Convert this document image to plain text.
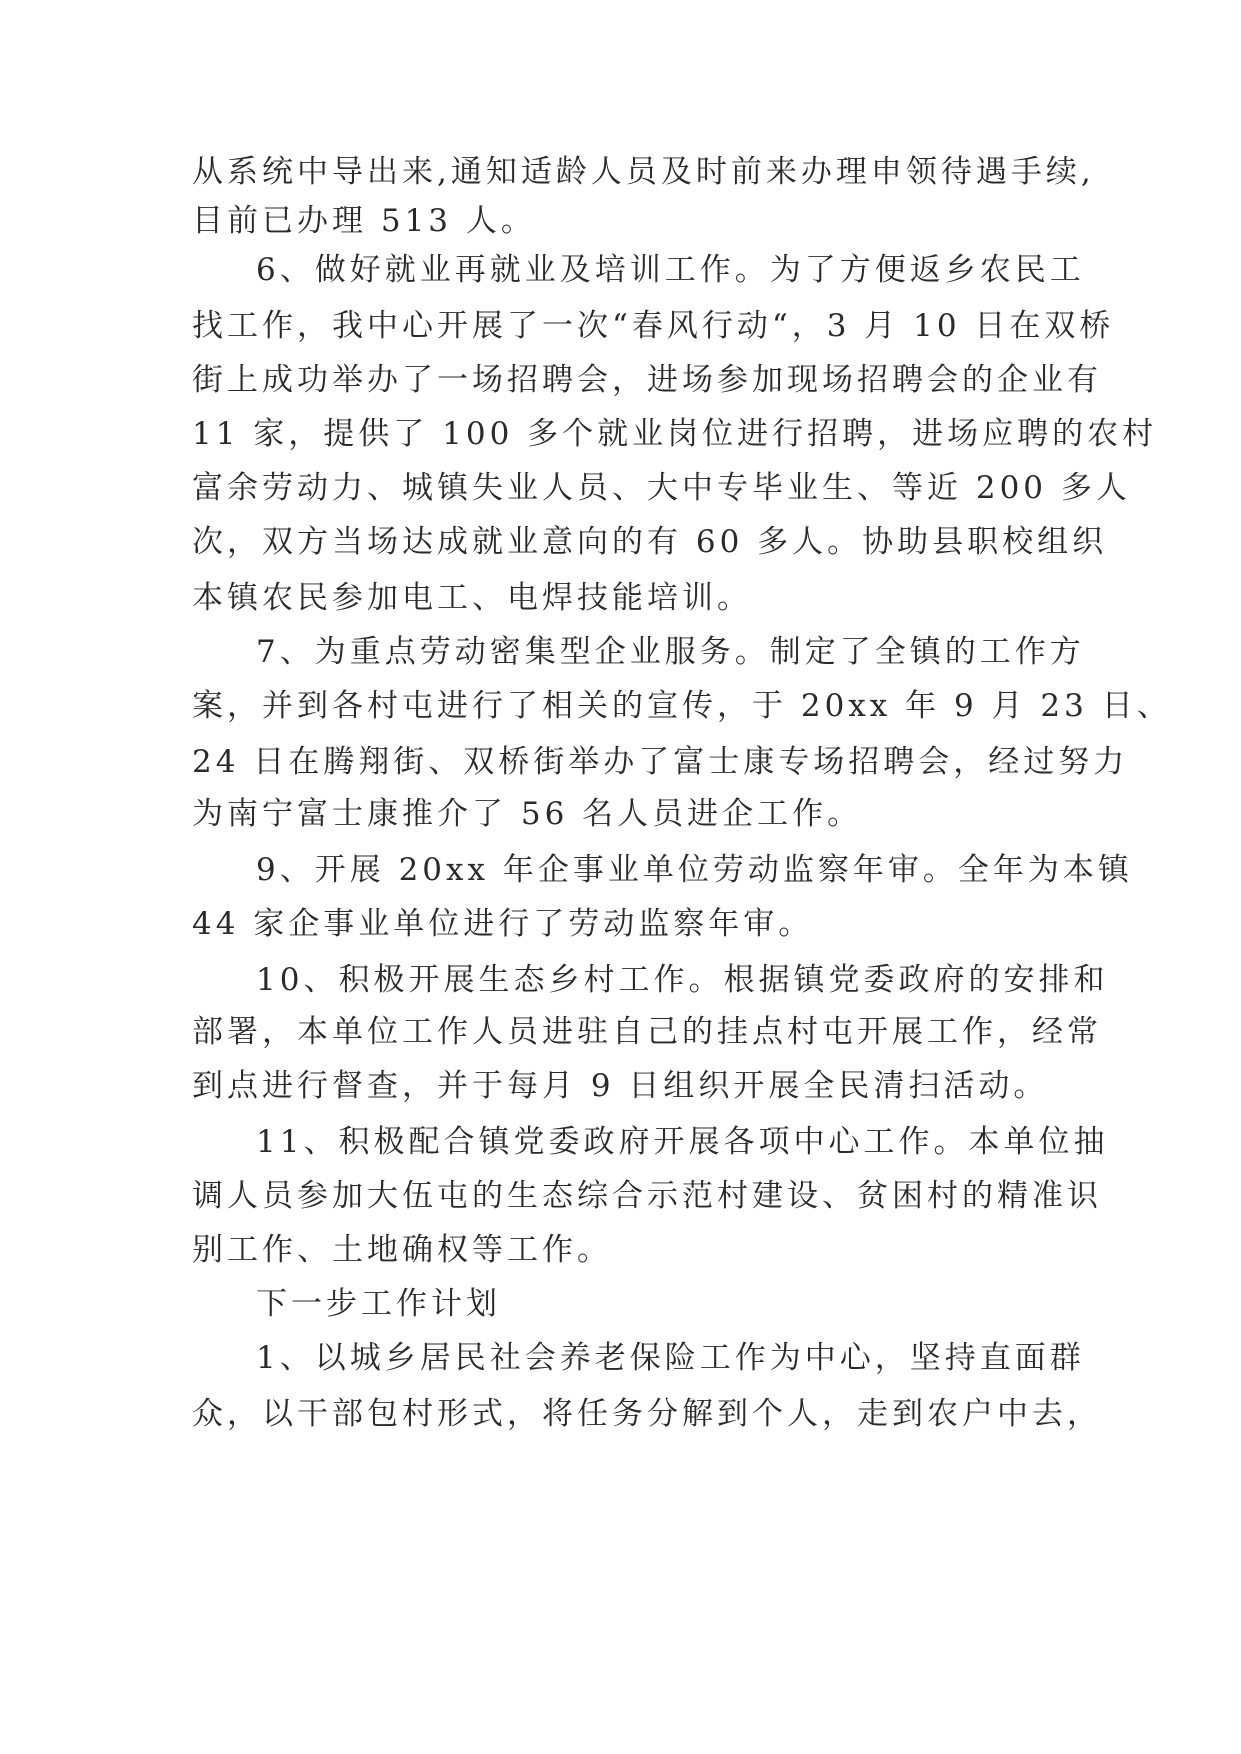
从系统中导出来,通知适龄人员及时前来办理申领待遇手续,
目前已办理 513 人。
6、做好就业再就业及培训工作。为了方便返乡农民工
找工作，我中心开展了一次“春风行动“，3 月 10 日在双桥
街上成功举办了一场招聘会，进场参加现场招聘会的企业有
11 家，提供了 100 多个就业岗位进行招聘，进场应聘的农村
富余劳动力、城镇失业人员、大中专毕业生、等近 200 多人
次，双方当场达成就业意向的有 60 多人。协助县职校组织
本镇农民参加电工、电焊技能培训。
7、为重点劳动密集型企业服务。制定了全镇的工作方
案，并到各村屯进行了相关的宣传，于 20xx 年 9 月 23 日、
24 日在腾翔街、双桥街举办了富士康专场招聘会，经过努力
为南宁富士康推介了 56 名人员进企工作。
9、开展 20xx 年企事业单位劳动监察年审。全年为本镇
44 家企事业单位进行了劳动监察年审。
10、积极开展生态乡村工作。根据镇党委政府的安排和
部署，本单位工作人员进驻自己的挂点村屯开展工作，经常
到点进行督查，并于每月 9 日组织开展全民清扫活动。
11、积极配合镇党委政府开展各项中心工作。本单位抽
调人员参加大伍屯的生态综合示范村建设、贫困村的精准识
别工作、土地确权等工作。
下一步工作计划
1、以城乡居民社会养老保险工作为中心，坚持直面群
众，以干部包村形式，将任务分解到个人，走到农户中去，
